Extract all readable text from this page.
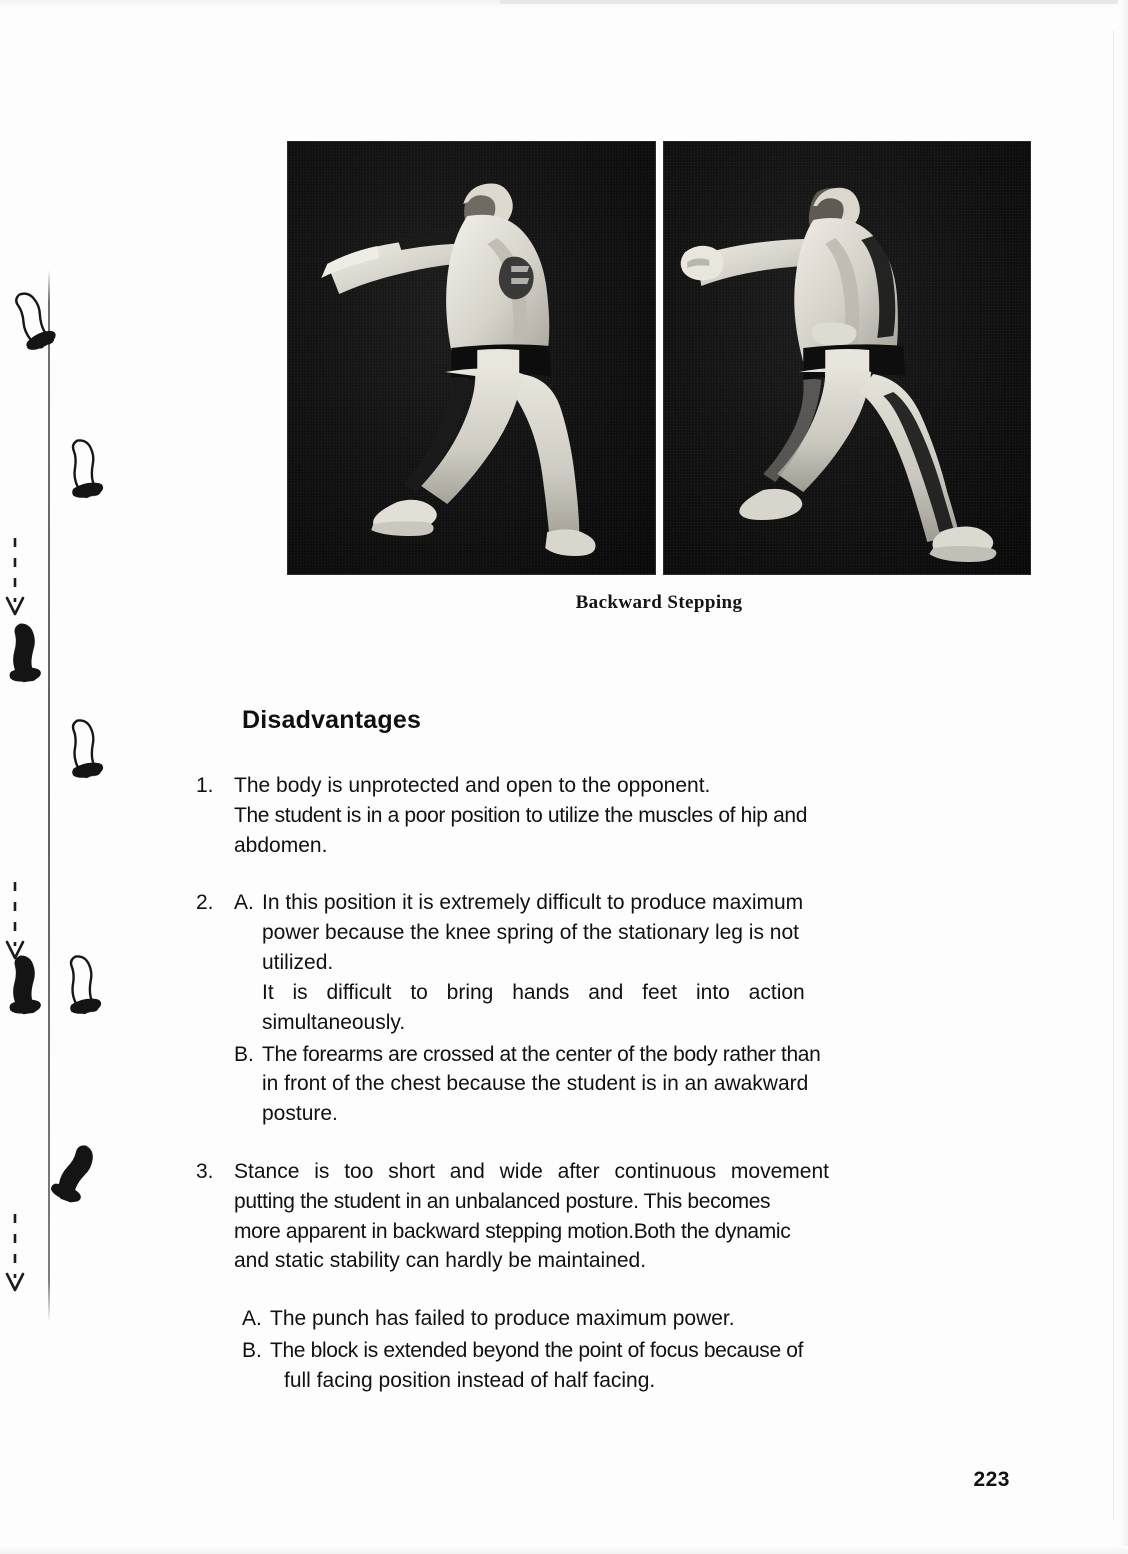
Backward Stepping
Disadvantages
1. The body is unprotected and open to the opponent.
The student is in a poor position to utilize the muscles of hip and
abdomen.
2. A. In this position it is extremely difficult to produce maximum
power because the knee spring of the stationary leg is not
utilized.
It is difficult to bring hands and feet into action
simultaneously.
B. The forearms are crossed at the center of the body rather than
in front of the chest because the student is in an awakward
posture.
3. Stance is too short and wide after continuous movement
putting the student in an unbalanced posture. This becomes
more apparent in backward stepping motion.Both the dynamic
and static stability can hardly be maintained.
A. The punch has failed to produce maximum power.
B. The block is extended beyond the point of focus because of
full facing position instead of half facing.
223
